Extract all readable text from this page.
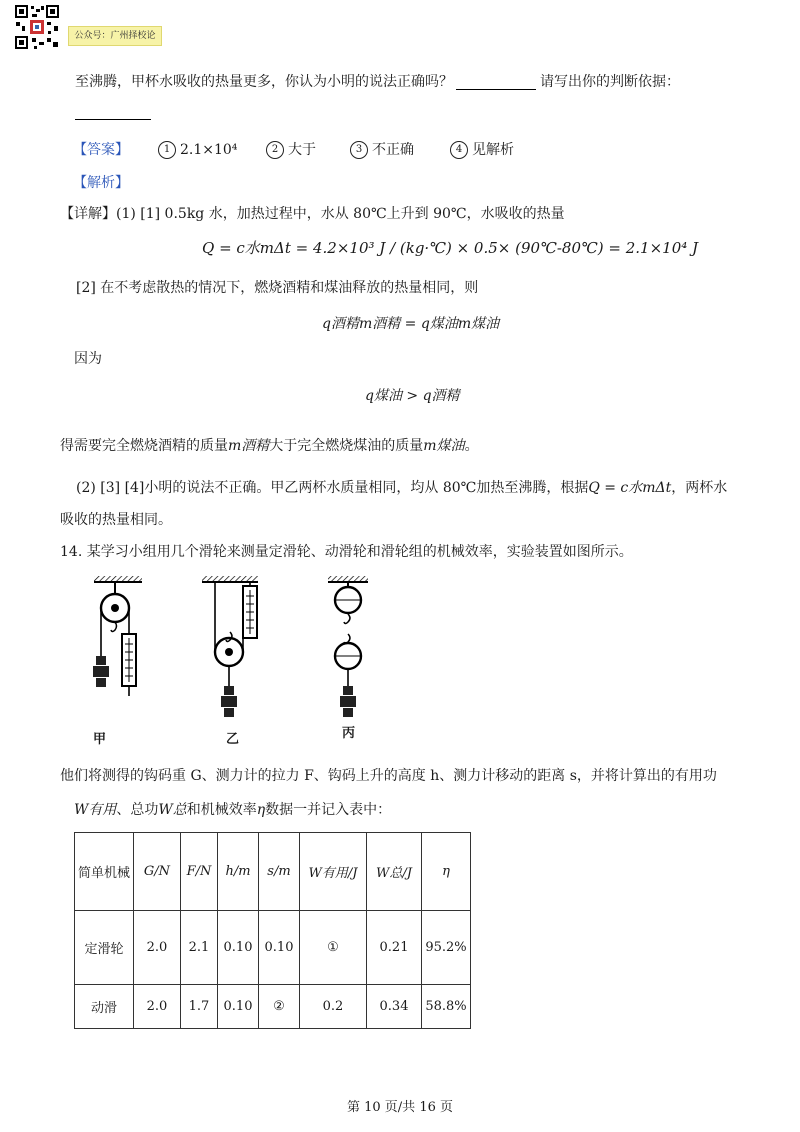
公众号：广州择校论
至沸腾，甲杯水吸收的热量更多，你认为小明的说法正确吗？	请写出你的判断依据：
【答案】	1 2.1×10⁴	2 大于	3 不正确	4 见解析
【解析】
【详解】(1) [1] 0.5kg 水，加热过程中，水从 80℃上升到 90℃，水吸收的热量
Q = c水mΔt = 4.2×10³ J / (kg·℃) × 0.5× (90℃-80℃) = 2.1×10⁴ J
[2] 在不考虑散热的情况下，燃烧酒精和煤油释放的热量相同，则
q酒精m酒精 = q煤油m煤油
因为
q煤油 > q酒精
得需要完全燃烧酒精的质量m酒精大于完全燃烧煤油的质量m煤油。
(2) [3] [4]小明的说法不正确。甲乙两杯水质量相同，均从 80℃加热至沸腾，根据Q = c水mΔt，两杯水
吸收的热量相同。
14. 某学习小组用几个滑轮来测量定滑轮、动滑轮和滑轮组的机械效率，实验装置如图所示。
甲	乙	丙
他们将测得的钩码重 G、测力计的拉力 F、钩码上升的高度 h、测力计移动的距离 s，并将计算出的有用功
W有用、总功W总和机械效率η数据一并记入表中：
简单机械	G/N	F/N	h/m	s/m	W有用/J	W总/J	η
定滑轮	2.0	2.1	0.10	0.10	①	0.21	95.2%
动滑	2.0	1.7	0.10	②	0.2	0.34	58.8%
第 10 页/共 16 页
